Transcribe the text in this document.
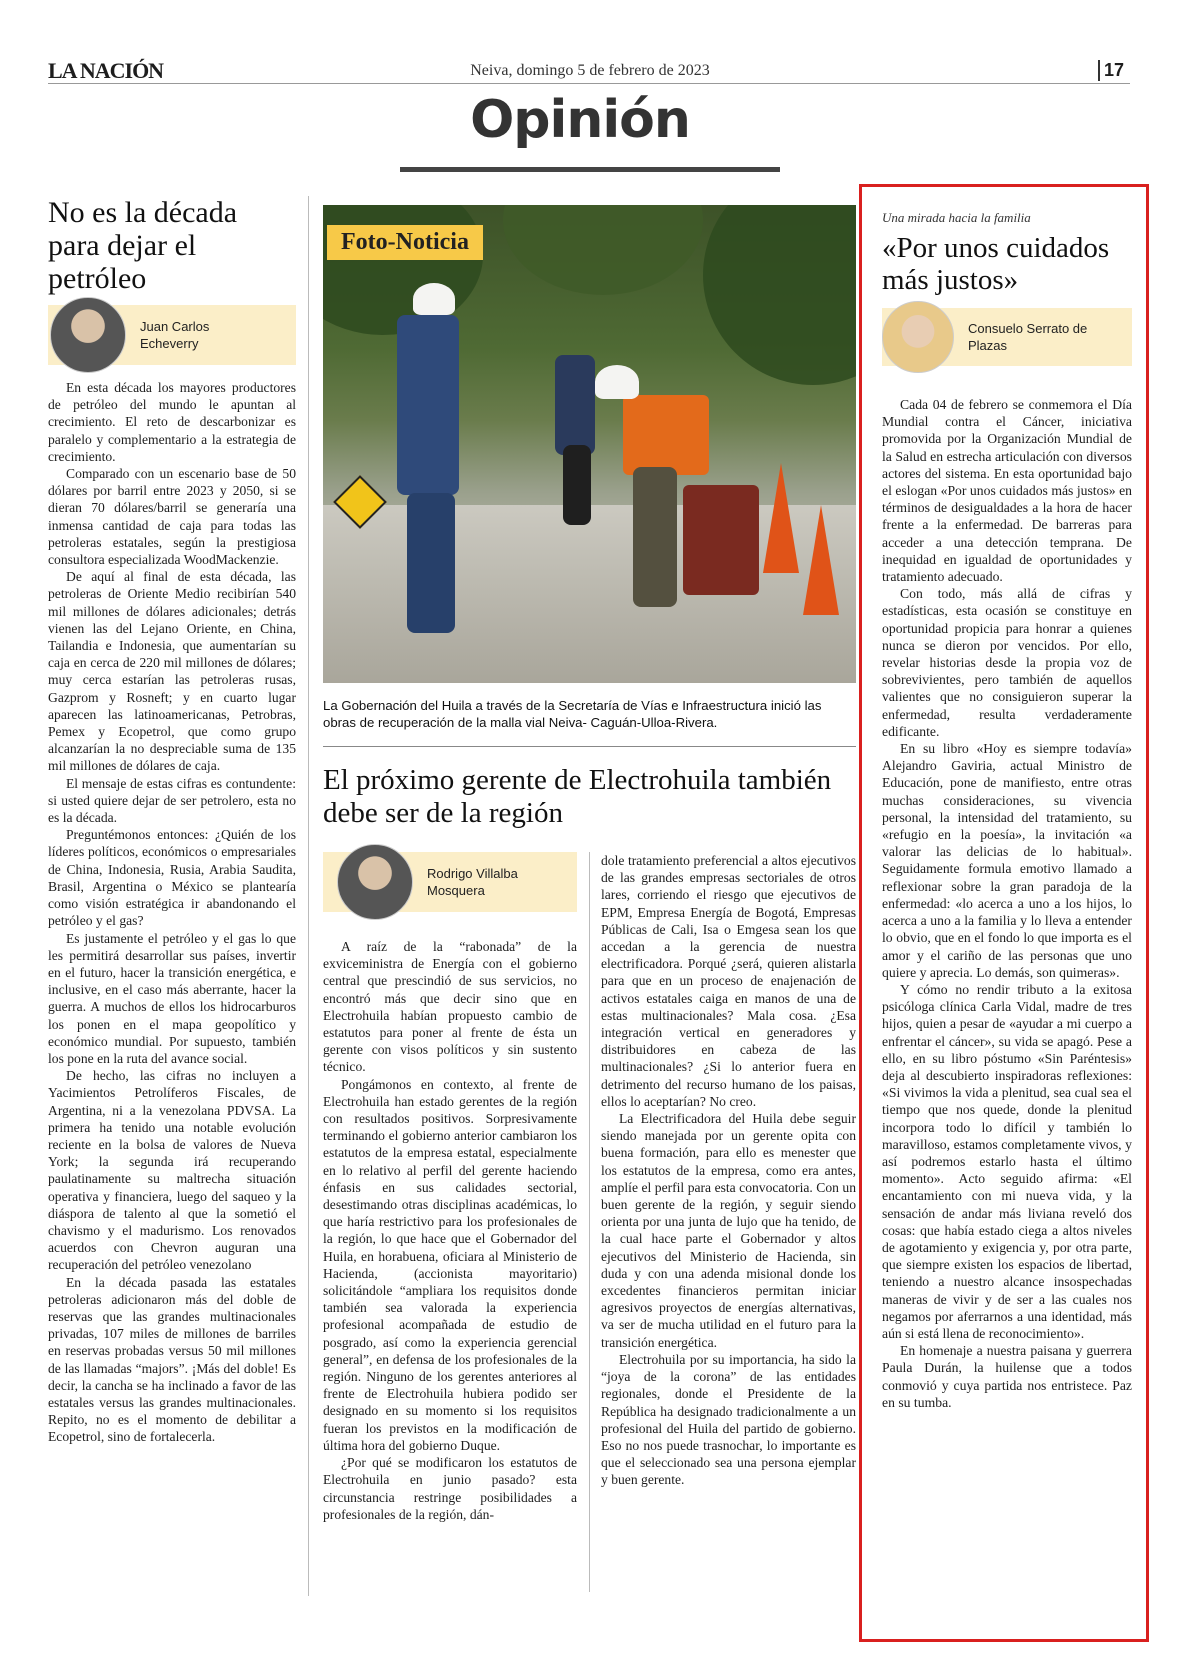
LA NACIÓN	Neiva, domingo 5 de febrero de 2023	17
Opinión
No es la década para dejar el petróleo
Juan Carlos Echeverry

En esta década los mayores productores de petróleo del mundo le apuntan al crecimiento. El reto de descarbonizar es paralelo y complementario a la estrategia de crecimiento.

Comparado con un escenario base de 50 dólares por barril entre 2023 y 2050, si se dieran 70 dólares/barril se generaría una inmensa cantidad de caja para todas las petroleras estatales, según la prestigiosa consultora especializada WoodMackenzie.

De aquí al final de esta década, las petroleras de Oriente Medio recibirían 540 mil millones de dólares adicionales; detrás vienen las del Lejano Oriente, en China, Tailandia e Indonesia, que aumentarían su caja en cerca de 220 mil millones de dólares; muy cerca estarían las petroleras rusas, Gazprom y Rosneft; y en cuarto lugar aparecen las latinoamericanas, Petrobras, Pemex y Ecopetrol, que como grupo alcanzarían la no despreciable suma de 135 mil millones de dólares de caja.

El mensaje de estas cifras es contundente: si usted quiere dejar de ser petrolero, esta no es la década.

Preguntémonos entonces: ¿Quién de los líderes políticos, económicos o empresariales de China, Indonesia, Rusia, Arabia Saudita, Brasil, Argentina o México se plantearía como visión estratégica ir abandonando el petróleo y el gas?

Es justamente el petróleo y el gas lo que les permitirá desarrollar sus países, invertir en el futuro, hacer la transición energética, e inclusive, en el caso más aberrante, hacer la guerra. A muchos de ellos los hidrocarburos los ponen en el mapa geopolítico y económico mundial. Por supuesto, también los pone en la ruta del avance social.

De hecho, las cifras no incluyen a Yacimientos Petrolíferos Fiscales, de Argentina, ni a la venezolana PDVSA. La primera ha tenido una notable evolución reciente en la bolsa de valores de Nueva York; la segunda irá recuperando paulatinamente su maltrecha situación operativa y financiera, luego del saqueo y la diáspora de talento al que la sometió el chavismo y el madurismo. Los renovados acuerdos con Chevron auguran una recuperación del petróleo venezolano

En la década pasada las estatales petroleras adicionaron más del doble de reservas que las grandes multinacionales privadas, 107 miles de millones de barriles en reservas probadas versus 50 mil millones de las llamadas “majors”. ¡Más del doble! Es decir, la cancha se ha inclinado a favor de las estatales versus las grandes multinacionales. Repito, no es el momento de debilitar a Ecopetrol, sino de fortalecerla.

Foto-Noticia
La Gobernación del Huila a través de la Secretaría de Vías e Infraestructura inició las obras de recuperación de la malla vial Neiva- Caguán-Ulloa-Rivera.
El próximo gerente de Electrohuila también debe ser de la región
Rodrigo Villalba Mosquera

A raíz de la “rabonada” de la exviceministra de Energía con el gobierno central que prescindió de sus servicios, no encontró más que decir sino que en Electrohuila habían propuesto cambio de estatutos para poner al frente de ésta un gerente con visos políticos y sin sustento técnico.

Pongámonos en contexto, al frente de Electrohuila han estado gerentes de la región con resultados positivos. Sorpresivamente terminando el gobierno anterior cambiaron los estatutos de la empresa estatal, especialmente en lo relativo al perfil del gerente haciendo énfasis en sus calidades sectorial, desestimando otras disciplinas académicas, lo que haría restrictivo para los profesionales de la región, lo que hace que el Gobernador del Huila, en horabuena, oficiara al Ministerio de Hacienda, (accionista mayoritario) solicitándole “ampliara los requisitos donde también sea valorada la experiencia profesional acompañada de estudio de posgrado, así como la experiencia gerencial general”, en defensa de los profesionales de la región. Ninguno de los gerentes anteriores al frente de Electrohuila hubiera podido ser designado en su momento si los requisitos fueran los previstos en la modificación de última hora del gobierno Duque.

¿Por qué se modificaron los estatutos de Electrohuila en junio pasado? esta circunstancia restringe posibilidades a profesionales de la región, dán-

dole tratamiento preferencial a altos ejecutivos de las grandes empresas sectoriales de otros lares, corriendo el riesgo que ejecutivos de EPM, Empresa Energía de Bogotá, Empresas Públicas de Cali, Isa o Emgesa sean los que accedan a la gerencia de nuestra electrificadora. Porqué ¿será, quieren alistarla para que en un proceso de enajenación de activos estatales caiga en manos de una de estas multinacionales? Mala cosa. ¿Esa integración vertical en generadores y distribuidores en cabeza de las multinacionales? ¿Si lo anterior fuera en detrimento del recurso humano de los paisas, ellos lo aceptarían? No creo.

La Electrificadora del Huila debe seguir siendo manejada por un gerente opita con buena formación, para ello es menester que los estatutos de la empresa, como era antes, amplíe el perfil para esta convocatoria. Con un buen gerente de la región, y seguir siendo orienta por una junta de lujo que ha tenido, de la cual hace parte el Gobernador y altos ejecutivos del Ministerio de Hacienda, sin duda y con una adenda misional donde los excedentes financieros permitan iniciar agresivos proyectos de energías alternativas, va ser de mucha utilidad en el futuro para la transición energética.

Electrohuila por su importancia, ha sido la “joya de la corona” de las entidades regionales, donde el Presidente de la República ha designado tradicionalmente a un profesional del Huila del partido de gobierno. Eso no nos puede trasnochar, lo importante es que el seleccionado sea una persona ejemplar y buen gerente.

Una mirada hacia la familia
«Por unos cuidados más justos»
Consuelo Serrato de Plazas

Cada 04 de febrero se conmemora el Día Mundial contra el Cáncer, iniciativa promovida por la Organización Mundial de la Salud en estrecha articulación con diversos actores del sistema. En esta oportunidad bajo el eslogan «Por unos cuidados más justos» en términos de desigualdades a la hora de hacer frente a la enfermedad. De barreras para acceder a una detección temprana. De inequidad en igualdad de oportunidades y tratamiento adecuado.

Con todo, más allá de cifras y estadísticas, esta ocasión se constituye en oportunidad propicia para honrar a quienes nunca se dieron por vencidos. Por ello, revelar historias desde la propia voz de sobrevivientes, pero también de aquellos valientes que no consiguieron superar la enfermedad, resulta verdaderamente edificante.

En su libro «Hoy es siempre todavía» Alejandro Gaviria, actual Ministro de Educación, pone de manifiesto, entre otras muchas consideraciones, su vivencia personal, la intensidad del tratamiento, su «refugio en la poesía», la invitación «a valorar las delicias de lo habitual». Seguidamente formula emotivo llamado a reflexionar sobre la gran paradoja de la enfermedad: «lo acerca a uno a los hijos, lo acerca a uno a la familia y lo lleva a entender lo obvio, que en el fondo lo que importa es el amor y el cariño de las personas que uno quiere y aprecia. Lo demás, son quimeras».

Y cómo no rendir tributo a la exitosa psicóloga clínica Carla Vidal, madre de tres hijos, quien a pesar de «ayudar a mi cuerpo a enfrentar el cáncer», su vida se apagó. Pese a ello, en su libro póstumo «Sin Paréntesis» deja al descubierto inspiradoras reflexiones: «Si vivimos la vida a plenitud, sea cual sea el tiempo que nos quede, donde la plenitud incorpora todo lo difícil y también lo maravilloso, estamos completamente vivos, y así podremos estarlo hasta el último momento». Acto seguido afirma: «El encantamiento con mi nueva vida, y la sensación de andar más liviana reveló dos cosas: que había estado ciega a altos niveles de agotamiento y exigencia y, por otra parte, que siempre existen los espacios de libertad, teniendo a nuestro alcance insospechadas maneras de vivir y de ser a las cuales nos negamos por aferrarnos a una identidad, más aún si está llena de reconocimiento».

En homenaje a nuestra paisana y guerrera Paula Durán, la huilense que a todos conmovió y cuya partida nos entristece. Paz en su tumba.
